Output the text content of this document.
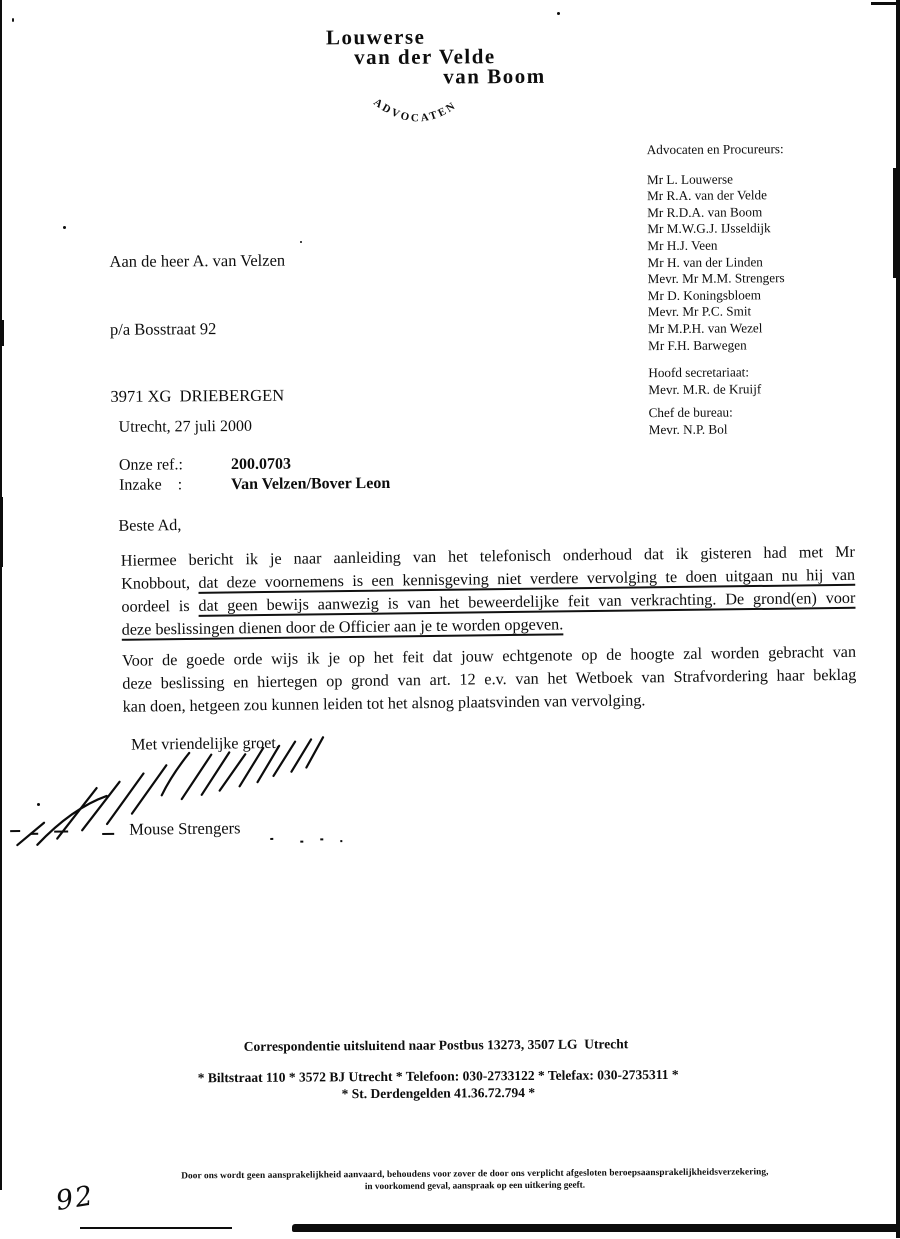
Louwerse
van der Velde
van Boom
ADVOCATEN

Aan de heer A. van Velzen

p/a Bosstraat 92

3971 XG  DRIEBERGEN

Advocaten en Procureurs:
Mr L. Louwerse
Mr R.A. van der Velde
Mr R.D.A. van Boom
Mr M.W.G.J. IJsseldijk
Mr H.J. Veen
Mr H. van der Linden
Mevr. Mr M.M. Strengers
Mr D. Koningsbloem
Mevr. Mr P.C. Smit
Mr M.P.H. van Wezel
Mr F.H. Barwegen
Hoofd secretariaat:
Mevr. M.R. de Kruijf
Chef de bureau:
Mevr. N.P. Bol
Utrecht, 27 juli 2000
Onze ref.:	200.0703
Inzake    :	Van Velzen/Bover Leon
Beste Ad,
Hiermee bericht ik je naar aanleiding van het telefonisch onderhoud dat ik gisteren had met Mr
Knobbout, dat deze voornemens is een kennisgeving niet verdere vervolging te doen uitgaan nu hij van
oordeel is dat geen bewijs aanwezig is van het beweerdelijke feit van verkrachting. De grond(en) voor
deze beslissingen dienen door de Officier aan je te worden opgeven.
Voor de goede orde wijs ik je op het feit dat jouw echtgenote op de hoogte zal worden gebracht van
deze beslissing en hiertegen op grond van art. 12 e.v. van het Wetboek van Strafvordering haar beklag
kan doen, hetgeen zou kunnen leiden tot het alsnog plaatsvinden van vervolging.
Met vriendelijke groet,
Mouse Strengers
Correspondentie uitsluitend naar Postbus 13273, 3507 LG  Utrecht
* Biltstraat 110 * 3572 BJ Utrecht * Telefoon: 030-2733122 * Telefax: 030-2735311 *
* St. Derdengelden 41.36.72.794 *
Door ons wordt geen aansprakelijkheid aanvaard, behoudens voor zover de door ons verplicht afgesloten beroepsaansprakelijkheidsverzekering,
in voorkomend geval, aanspraak op een uitkering geeft.
92
